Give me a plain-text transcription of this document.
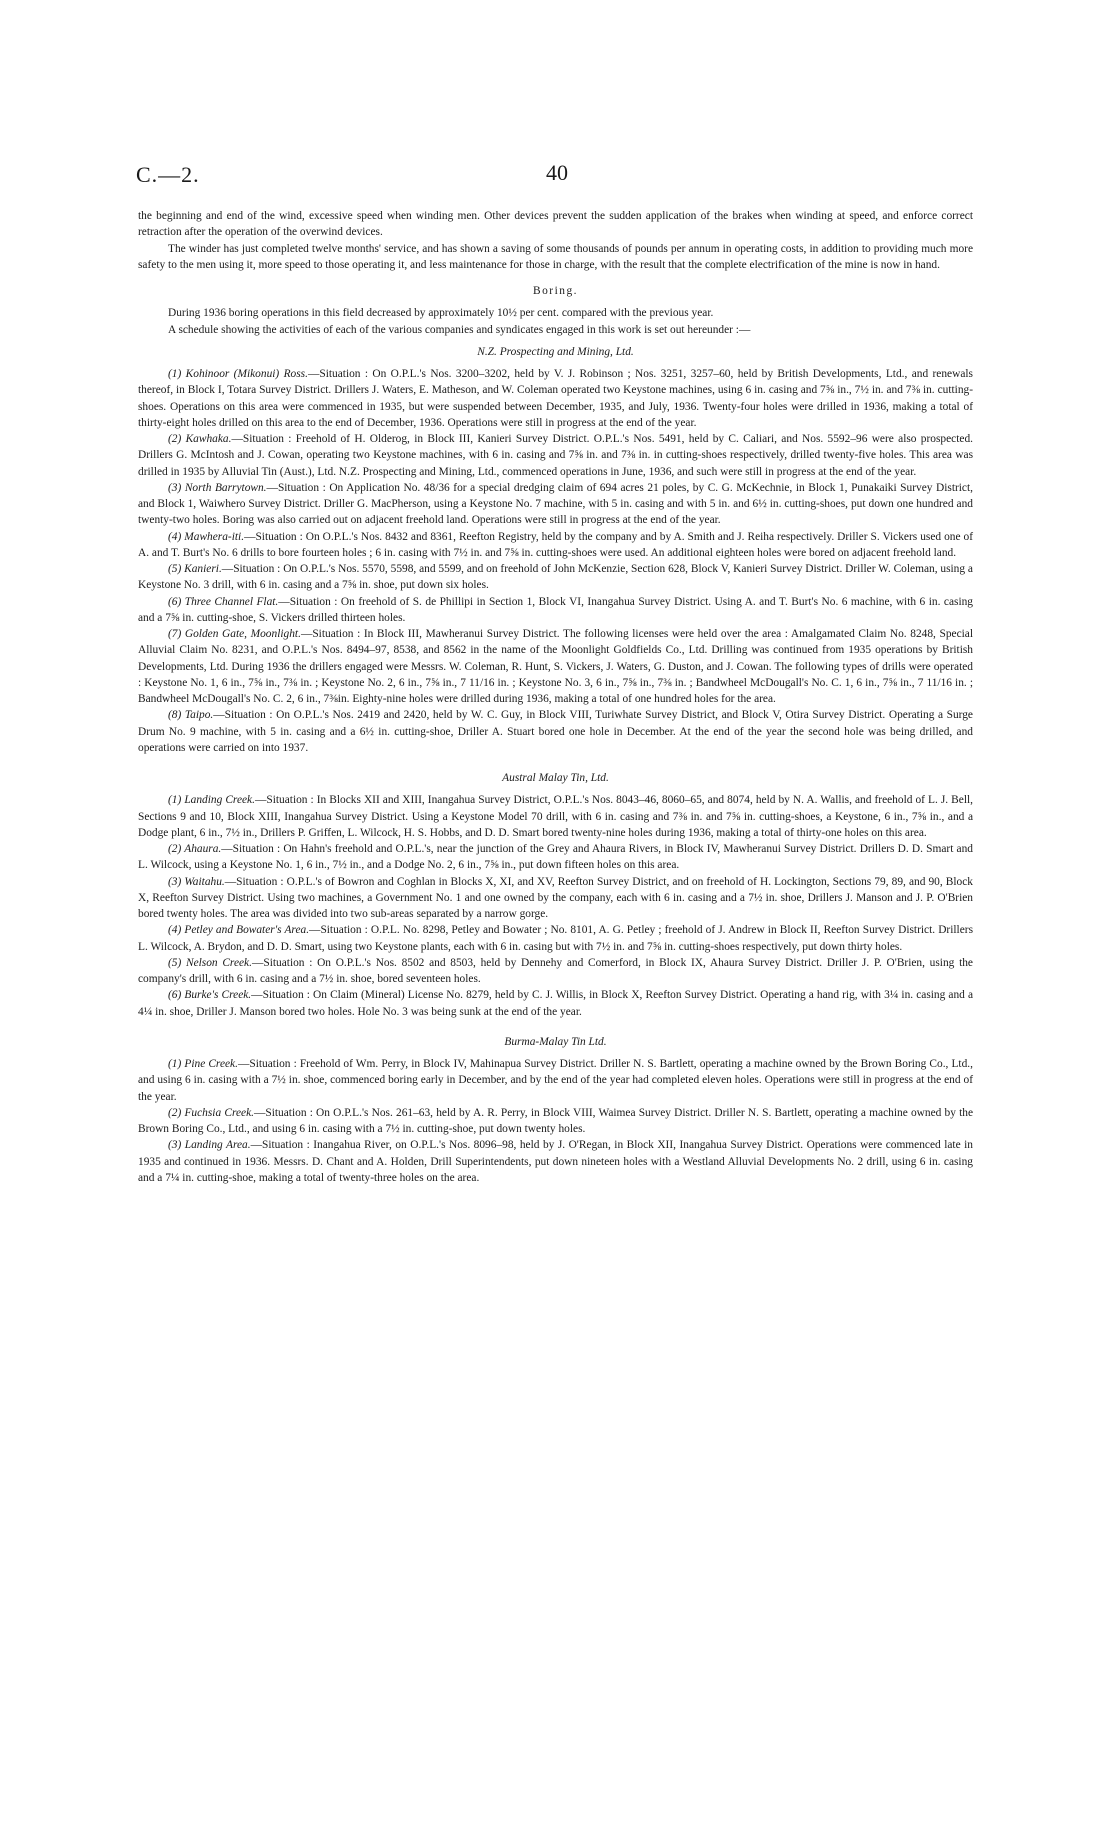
C.—2.	40

the beginning and end of the wind, excessive speed when winding men. Other devices prevent the sudden application of the brakes when winding at speed, and enforce correct retraction after the operation of the overwind devices.

The winder has just completed twelve months' service, and has shown a saving of some thousands of pounds per annum in operating costs, in addition to providing much more safety to the men using it, more speed to those operating it, and less maintenance for those in charge, with the result that the complete electrification of the mine is now in hand.

Boring.

During 1936 boring operations in this field decreased by approximately 10½ per cent. compared with the previous year.

A schedule showing the activities of each of the various companies and syndicates engaged in this work is set out hereunder :—

N.Z. Prospecting and Mining, Ltd.

(1) Kohinoor (Mikonui) Ross.—Situation : On O.P.L.'s Nos. 3200–3202, held by V. J. Robinson ; Nos. 3251, 3257–60, held by British Developments, Ltd., and renewals thereof, in Block I, Totara Survey District. Drillers J. Waters, E. Matheson, and W. Coleman operated two Keystone machines, using 6 in. casing and 7⅝ in., 7½ in. and 7⅜ in. cutting-shoes. Operations on this area were commenced in 1935, but were suspended between December, 1935, and July, 1936. Twenty-four holes were drilled in 1936, making a total of thirty-eight holes drilled on this area to the end of December, 1936. Operations were still in progress at the end of the year.

(2) Kawhaka.—Situation : Freehold of H. Olderog, in Block III, Kanieri Survey District. O.P.L.'s Nos. 5491, held by C. Caliari, and Nos. 5592–96 were also prospected. Drillers G. McIntosh and J. Cowan, operating two Keystone machines, with 6 in. casing and 7⅝ in. and 7⅜ in. in cutting-shoes respectively, drilled twenty-five holes. This area was drilled in 1935 by Alluvial Tin (Aust.), Ltd. N.Z. Prospecting and Mining, Ltd., commenced operations in June, 1936, and such were still in progress at the end of the year.

(3) North Barrytown.—Situation : On Application No. 48/36 for a special dredging claim of 694 acres 21 poles, by C. G. McKechnie, in Block 1, Punakaiki Survey District, and Block 1, Waiwhero Survey District. Driller G. MacPherson, using a Keystone No. 7 machine, with 5 in. casing and with 5 in. and 6½ in. cutting-shoes, put down one hundred and twenty-two holes. Boring was also carried out on adjacent freehold land. Operations were still in progress at the end of the year.

(4) Mawhera-iti.—Situation : On O.P.L.'s Nos. 8432 and 8361, Reefton Registry, held by the company and by A. Smith and J. Reiha respectively. Driller S. Vickers used one of A. and T. Burt's No. 6 drills to bore fourteen holes ; 6 in. casing with 7½ in. and 7⅝ in. cutting-shoes were used. An additional eighteen holes were bored on adjacent freehold land.

(5) Kanieri.—Situation : On O.P.L.'s Nos. 5570, 5598, and 5599, and on freehold of John McKenzie, Section 628, Block V, Kanieri Survey District. Driller W. Coleman, using a Keystone No. 3 drill, with 6 in. casing and a 7⅝ in. shoe, put down six holes.

(6) Three Channel Flat.—Situation : On freehold of S. de Phillipi in Section 1, Block VI, Inangahua Survey District. Using A. and T. Burt's No. 6 machine, with 6 in. casing and a 7⅝ in. cutting-shoe, S. Vickers drilled thirteen holes.

(7) Golden Gate, Moonlight.—Situation : In Block III, Mawheranui Survey District. The following licenses were held over the area : Amalgamated Claim No. 8248, Special Alluvial Claim No. 8231, and O.P.L.'s Nos. 8494–97, 8538, and 8562 in the name of the Moonlight Goldfields Co., Ltd. Drilling was continued from 1935 operations by British Developments, Ltd. During 1936 the drillers engaged were Messrs. W. Coleman, R. Hunt, S. Vickers, J. Waters, G. Duston, and J. Cowan. The following types of drills were operated : Keystone No. 1, 6 in., 7⅝ in., 7⅜ in. ; Keystone No. 2, 6 in., 7⅝ in., 7 11/16 in. ; Keystone No. 3, 6 in., 7⅝ in., 7⅜ in. ; Bandwheel McDougall's No. C. 1, 6 in., 7⅝ in., 7 11/16 in. ; Bandwheel McDougall's No. C. 2, 6 in., 7⅜in. Eighty-nine holes were drilled during 1936, making a total of one hundred holes for the area.

(8) Taipo.—Situation : On O.P.L.'s Nos. 2419 and 2420, held by W. C. Guy, in Block VIII, Turiwhate Survey District, and Block V, Otira Survey District. Operating a Surge Drum No. 9 machine, with 5 in. casing and a 6½ in. cutting-shoe, Driller A. Stuart bored one hole in December. At the end of the year the second hole was being drilled, and operations were carried on into 1937.

Austral Malay Tin, Ltd.

(1) Landing Creek.—Situation : In Blocks XII and XIII, Inangahua Survey District, O.P.L.'s Nos. 8043–46, 8060–65, and 8074, held by N. A. Wallis, and freehold of L. J. Bell, Sections 9 and 10, Block XIII, Inangahua Survey District. Using a Keystone Model 70 drill, with 6 in. casing and 7⅜ in. and 7⅝ in. cutting-shoes, a Keystone, 6 in., 7⅝ in., and a Dodge plant, 6 in., 7½ in., Drillers P. Griffen, L. Wilcock, H. S. Hobbs, and D. D. Smart bored twenty-nine holes during 1936, making a total of thirty-one holes on this area.

(2) Ahaura.—Situation : On Hahn's freehold and O.P.L.'s, near the junction of the Grey and Ahaura Rivers, in Block IV, Mawheranui Survey District. Drillers D. D. Smart and L. Wilcock, using a Keystone No. 1, 6 in., 7½ in., and a Dodge No. 2, 6 in., 7⅝ in., put down fifteen holes on this area.

(3) Waitahu.—Situation : O.P.L.'s of Bowron and Coghlan in Blocks X, XI, and XV, Reefton Survey District, and on freehold of H. Lockington, Sections 79, 89, and 90, Block X, Reefton Survey District. Using two machines, a Government No. 1 and one owned by the company, each with 6 in. casing and a 7½ in. shoe, Drillers J. Manson and J. P. O'Brien bored twenty holes. The area was divided into two sub-areas separated by a narrow gorge.

(4) Petley and Bowater's Area.—Situation : O.P.L. No. 8298, Petley and Bowater ; No. 8101, A. G. Petley ; freehold of J. Andrew in Block II, Reefton Survey District. Drillers L. Wilcock, A. Brydon, and D. D. Smart, using two Keystone plants, each with 6 in. casing but with 7½ in. and 7⅝ in. cutting-shoes respectively, put down thirty holes.

(5) Nelson Creek.—Situation : On O.P.L.'s Nos. 8502 and 8503, held by Dennehy and Comerford, in Block IX, Ahaura Survey District. Driller J. P. O'Brien, using the company's drill, with 6 in. casing and a 7½ in. shoe, bored seventeen holes.

(6) Burke's Creek.—Situation : On Claim (Mineral) License No. 8279, held by C. J. Willis, in Block X, Reefton Survey District. Operating a hand rig, with 3¼ in. casing and a 4¼ in. shoe, Driller J. Manson bored two holes. Hole No. 3 was being sunk at the end of the year.

Burma-Malay Tin Ltd.

(1) Pine Creek.—Situation : Freehold of Wm. Perry, in Block IV, Mahinapua Survey District. Driller N. S. Bartlett, operating a machine owned by the Brown Boring Co., Ltd., and using 6 in. casing with a 7½ in. shoe, commenced boring early in December, and by the end of the year had completed eleven holes. Operations were still in progress at the end of the year.

(2) Fuchsia Creek.—Situation : On O.P.L.'s Nos. 261–63, held by A. R. Perry, in Block VIII, Waimea Survey District. Driller N. S. Bartlett, operating a machine owned by the Brown Boring Co., Ltd., and using 6 in. casing with a 7½ in. cutting-shoe, put down twenty holes.

(3) Landing Area.—Situation : Inangahua River, on O.P.L.'s Nos. 8096–98, held by J. O'Regan, in Block XII, Inangahua Survey District. Operations were commenced late in 1935 and continued in 1936. Messrs. D. Chant and A. Holden, Drill Superintendents, put down nineteen holes with a Westland Alluvial Developments No. 2 drill, using 6 in. casing and a 7¼ in. cutting-shoe, making a total of twenty-three holes on the area.
